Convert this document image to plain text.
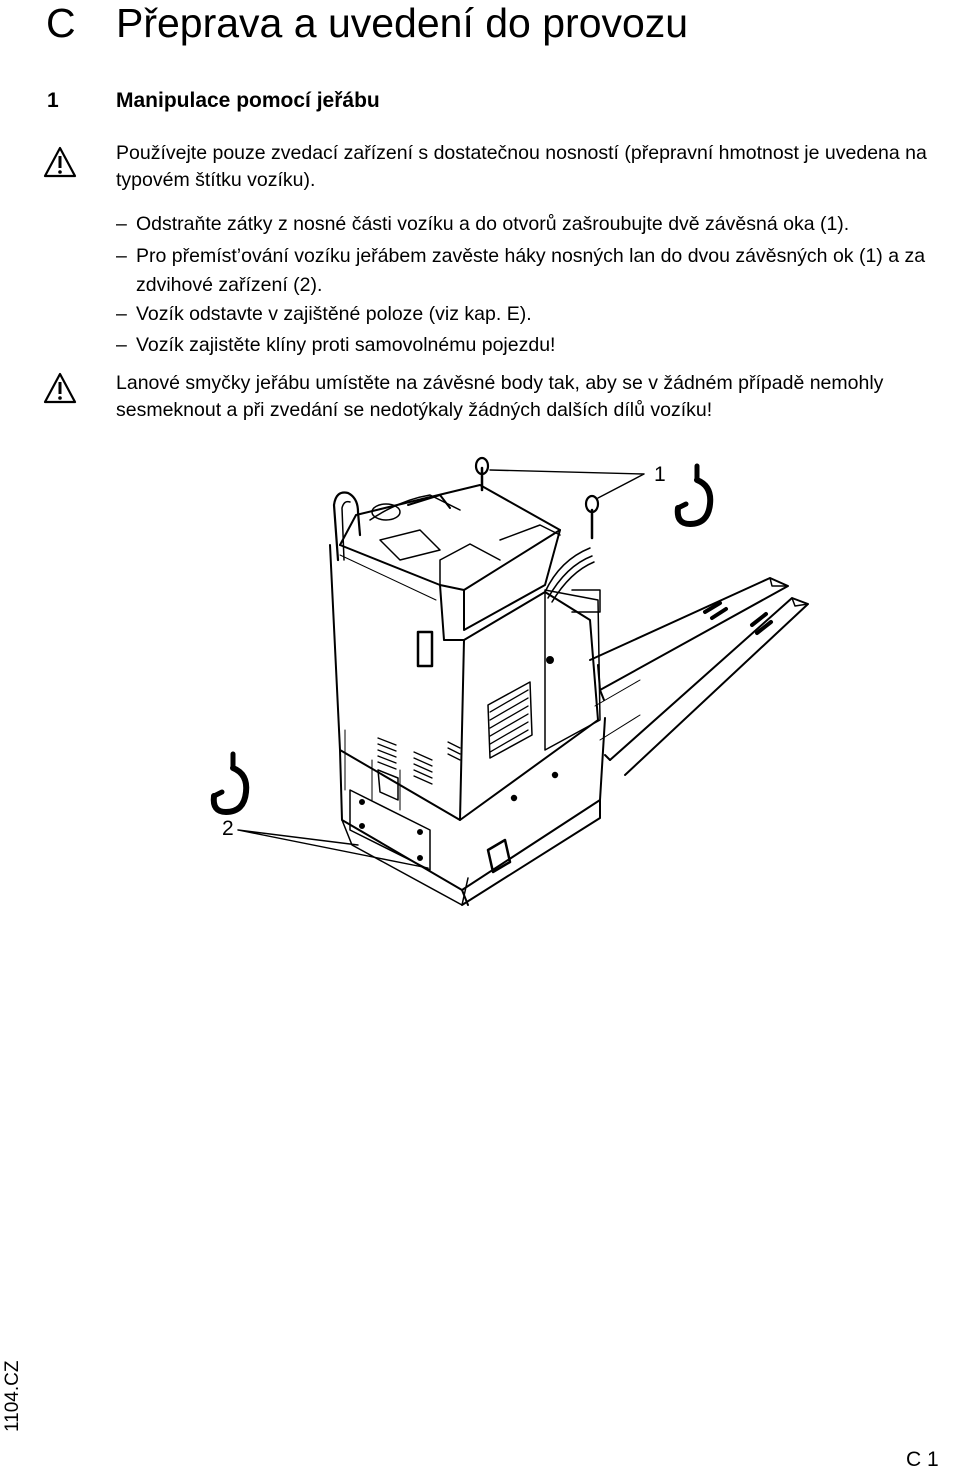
C Přeprava a uvedení do provozu
1	Manipulace pomocí jeřábu
Používejte pouze zvedací zařízení s dostatečnou nosností (přepravní hmotnost je uvedena na typovém štítku vozíku).
– Odstraňte zátky z nosné části vozíku a do otvorů zašroubujte dvě závěsná oka (1).
– Pro přemíst’ování vozíku jeřábem zavěste háky nosných lan do dvou závěsných ok (1) a za zdvihové zařízení (2).
– Vozík odstavte v zajištěné poloze (viz kap. E).
– Vozík zajistěte klíny proti samovolnému pojezdu!
Lanové smyčky jeřábu umístěte na závěsné body tak, aby se v žádném případě nemohly sesmeknout a při zvedání se nedotýkaly žádných dalších dílů vozíku!
1
2
1104.CZ
C 1
